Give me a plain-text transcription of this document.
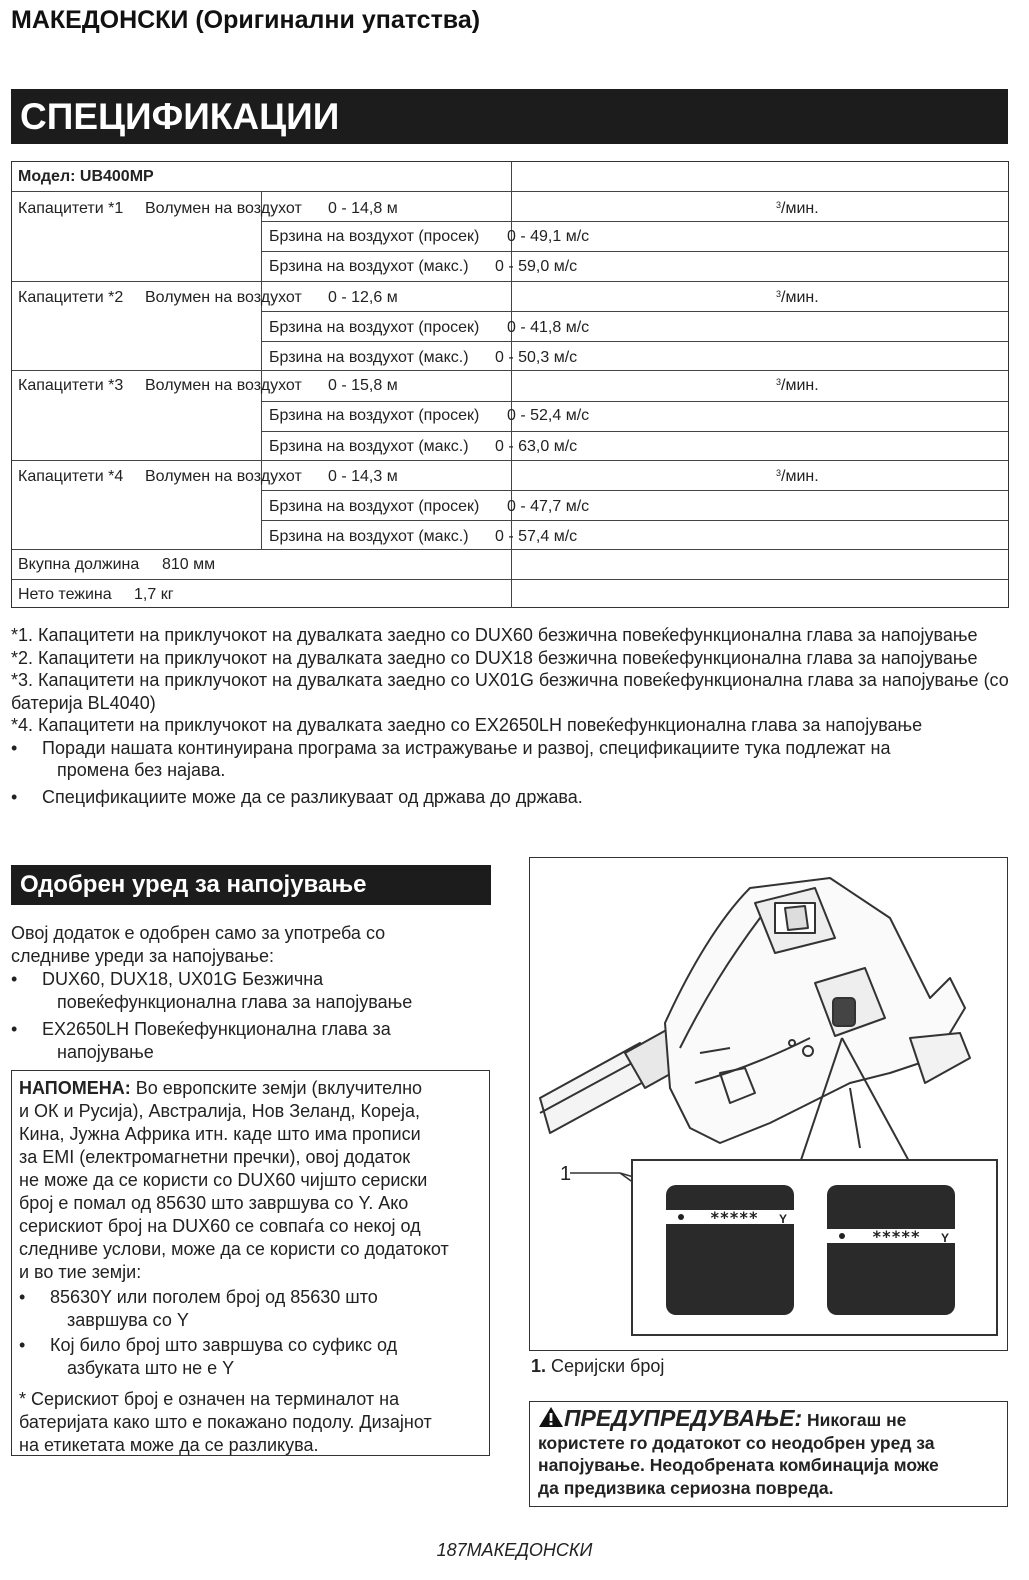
МАКЕДОНСКИ (Оригинални упатства)
СПЕЦИФИКАЦИИ
Модел: UB400MP
Капацитети *1 Волумен на воздухот 0 - 14,8 м	$^3$/мин.
Брзина на воздухот (просек) 0 - 49,1 м/с
Брзина на воздухот (макс.) 0 - 59,0 м/с
Капацитети *2 Волумен на воздухот 0 - 12,6 м	$^3$/мин.
Брзина на воздухот (просек) 0 - 41,8 м/с
Брзина на воздухот (макс.) 0 - 50,3 м/с
Капацитети *3 Волумен на воздухот 0 - 15,8 м	$^3$/мин.
Брзина на воздухот (просек) 0 - 52,4 м/с
Брзина на воздухот (макс.) 0 - 63,0 м/с
Капацитети *4 Волумен на воздухот 0 - 14,3 м	$^3$/мин.
Брзина на воздухот (просек) 0 - 47,7 м/с
Брзина на воздухот (макс.) 0 - 57,4 м/с
Вкупна должина 810 мм
Нето тежина 1,7 кг

*1. Капацитети на приклучокот на дувалката заедно со DUX60 безжична повеќефункционална глава за напојување

*2. Капацитети на приклучокот на дувалката заедно со DUX18 безжична повеќефункционална глава за напојување

*3. Капацитети на приклучокот на дувалката заедно со UX01G безжична повеќефункционална глава за напојување (со батерија BL4040)

*4. Капацитети на приклучокот на дувалката заедно со EX2650LH повеќефункционална глава за напојување

•	Поради нашата континуирана програма за истражување и развој, спецификациите тука подлежат на
промена без најава.
•	Спецификациите може да се разликуваат од држава до држава.
Одобрен уред за напојување

Овој додаток е одобрен само за употреба со

следниве уреди за напојување:

•	DUX60, DUX18, UX01G Безжична
повеќефункционална глава за напојување
•	EX2650LH Повеќефункционална глава за
напојување

НАПОМЕНА: Во европските земји (вклучително

и ОК и Русија), Австралија, Нов Зеланд, Кореја,

Кина, Јужна Африка итн. каде што има прописи

за EMI (електромагнетни пречки), овој додаток

не може да се користи со DUX60 чијшто сериски

број е помал од 85630 што завршува со Y. Ако

серискиот број на DUX60 се совпаѓа со некој од

следниве услови, може да се користи со додатокот

и во тие земји:

•	85630Y или поголем број од 85630 што
завршува со Y
•	Кој било број што завршува со суфикс од
азбуката што не е Y

* Серискиот број е означен на терминалот на

батеријата како што е покажано подолу. Дизајнот

на етикетата може да се разликува.

1
***** Y
***** Y
1. Серијски број
ПРЕДУПРЕДУВАЊЕ: Никогаш не
користете го додатокот со неодобрен уред за
напојување. Неодобрената комбинација може
да предизвика сериозна повреда.
187МАКЕДОНСКИ
